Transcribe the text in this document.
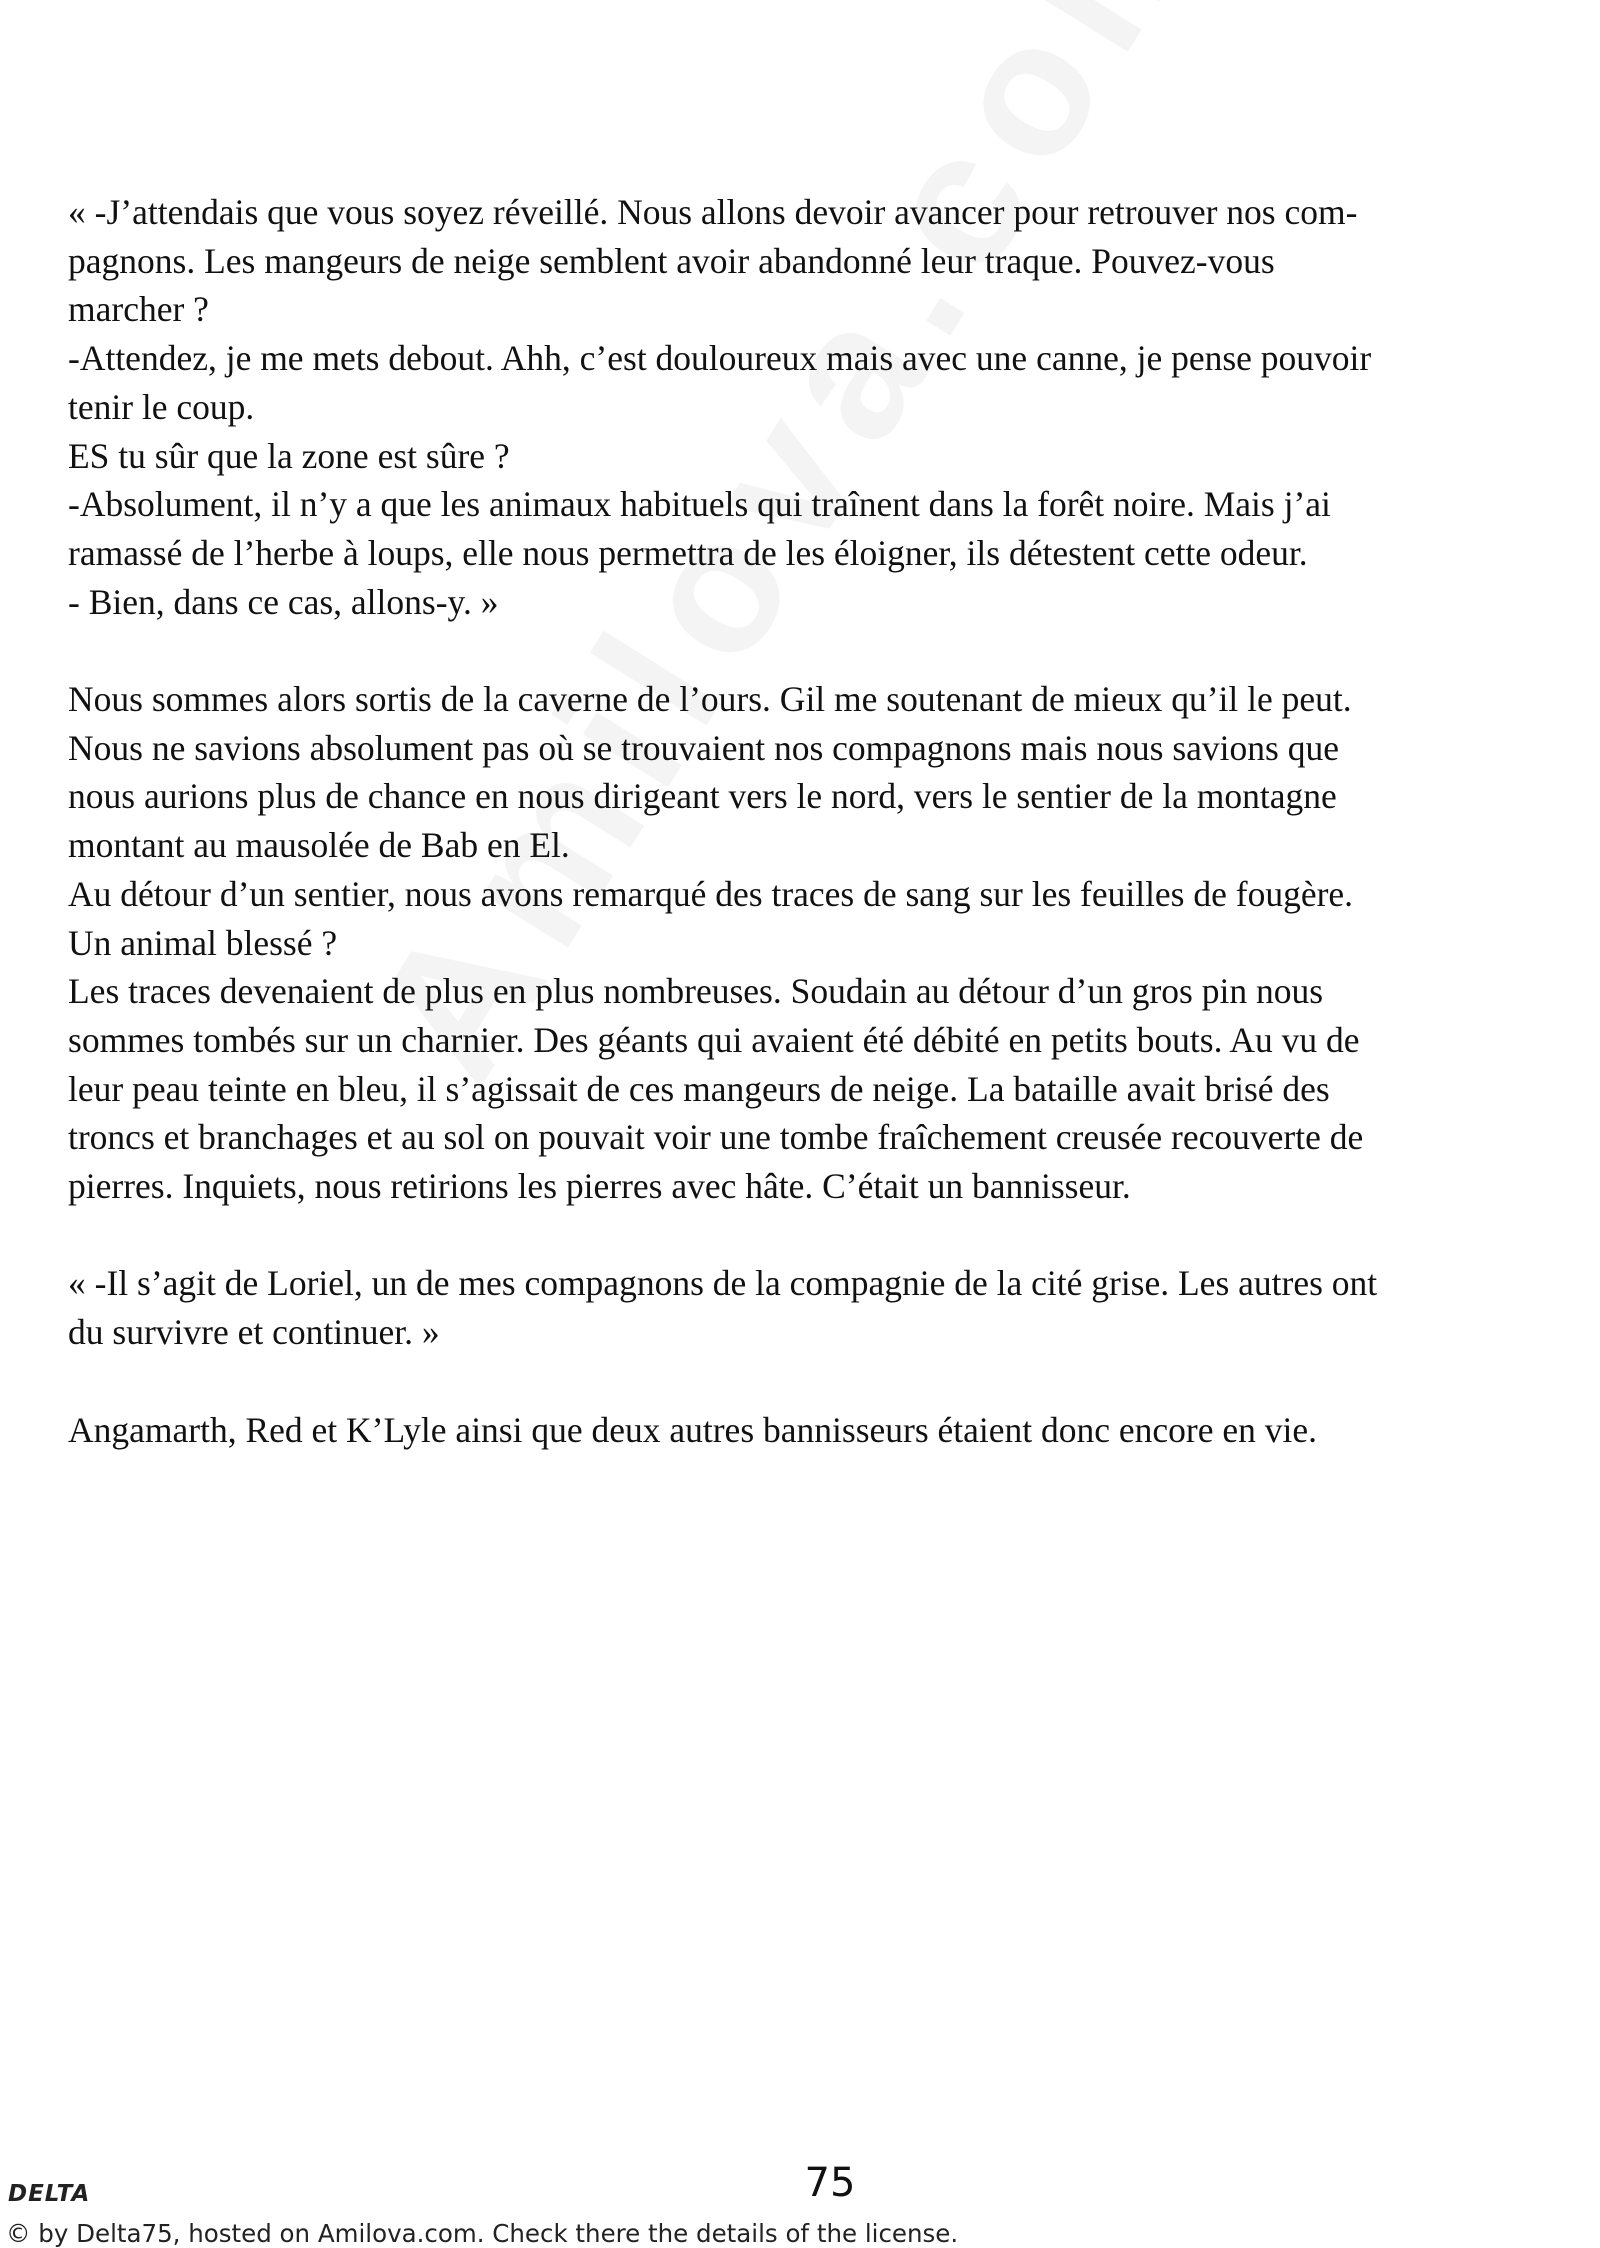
« -J’attendais que vous soyez réveillé. Nous allons devoir avancer pour retrouver nos com-
pagnons. Les mangeurs de neige semblent avoir abandonné leur traque. Pouvez-vous
marcher ?
-Attendez, je me mets debout. Ahh, c’est douloureux mais avec une canne, je pense pouvoir
tenir le coup.
ES tu sûr que la zone est sûre ?
-Absolument, il n’y a que les animaux habituels qui traînent dans la forêt noire. Mais j’ai
ramassé de l’herbe à loups, elle nous permettra de les éloigner, ils détestent cette odeur.
- Bien, dans ce cas, allons-y. »

Nous sommes alors sortis de la caverne de l’ours. Gil me soutenant de mieux qu’il le peut.
Nous ne savions absolument pas où se trouvaient nos compagnons mais nous savions que
nous aurions plus de chance en nous dirigeant vers le nord, vers le sentier de la montagne
montant au mausolée de Bab en El.
Au détour d’un sentier, nous avons remarqué des traces de sang sur les feuilles de fougère.
Un animal blessé ?
Les traces devenaient de plus en plus nombreuses. Soudain au détour d’un gros pin nous
sommes tombés sur un charnier. Des géants qui avaient été débité en petits bouts. Au vu de
leur peau teinte en bleu, il s’agissait de ces mangeurs de neige. La bataille avait brisé des
troncs et branchages et au sol on pouvait voir une tombe fraîchement creusée recouverte de
pierres. Inquiets, nous retirions les pierres avec hâte. C’était un bannisseur.

« -Il s’agit de Loriel, un de mes compagnons de la compagnie de la cité grise. Les autres ont
du survivre et continuer. »

Angamarth, Red et K’Lyle ainsi que deux autres bannisseurs étaient donc encore en vie.

DELTA	75
© by Delta75, hosted on Amilova.com. Check there the details of the license.
